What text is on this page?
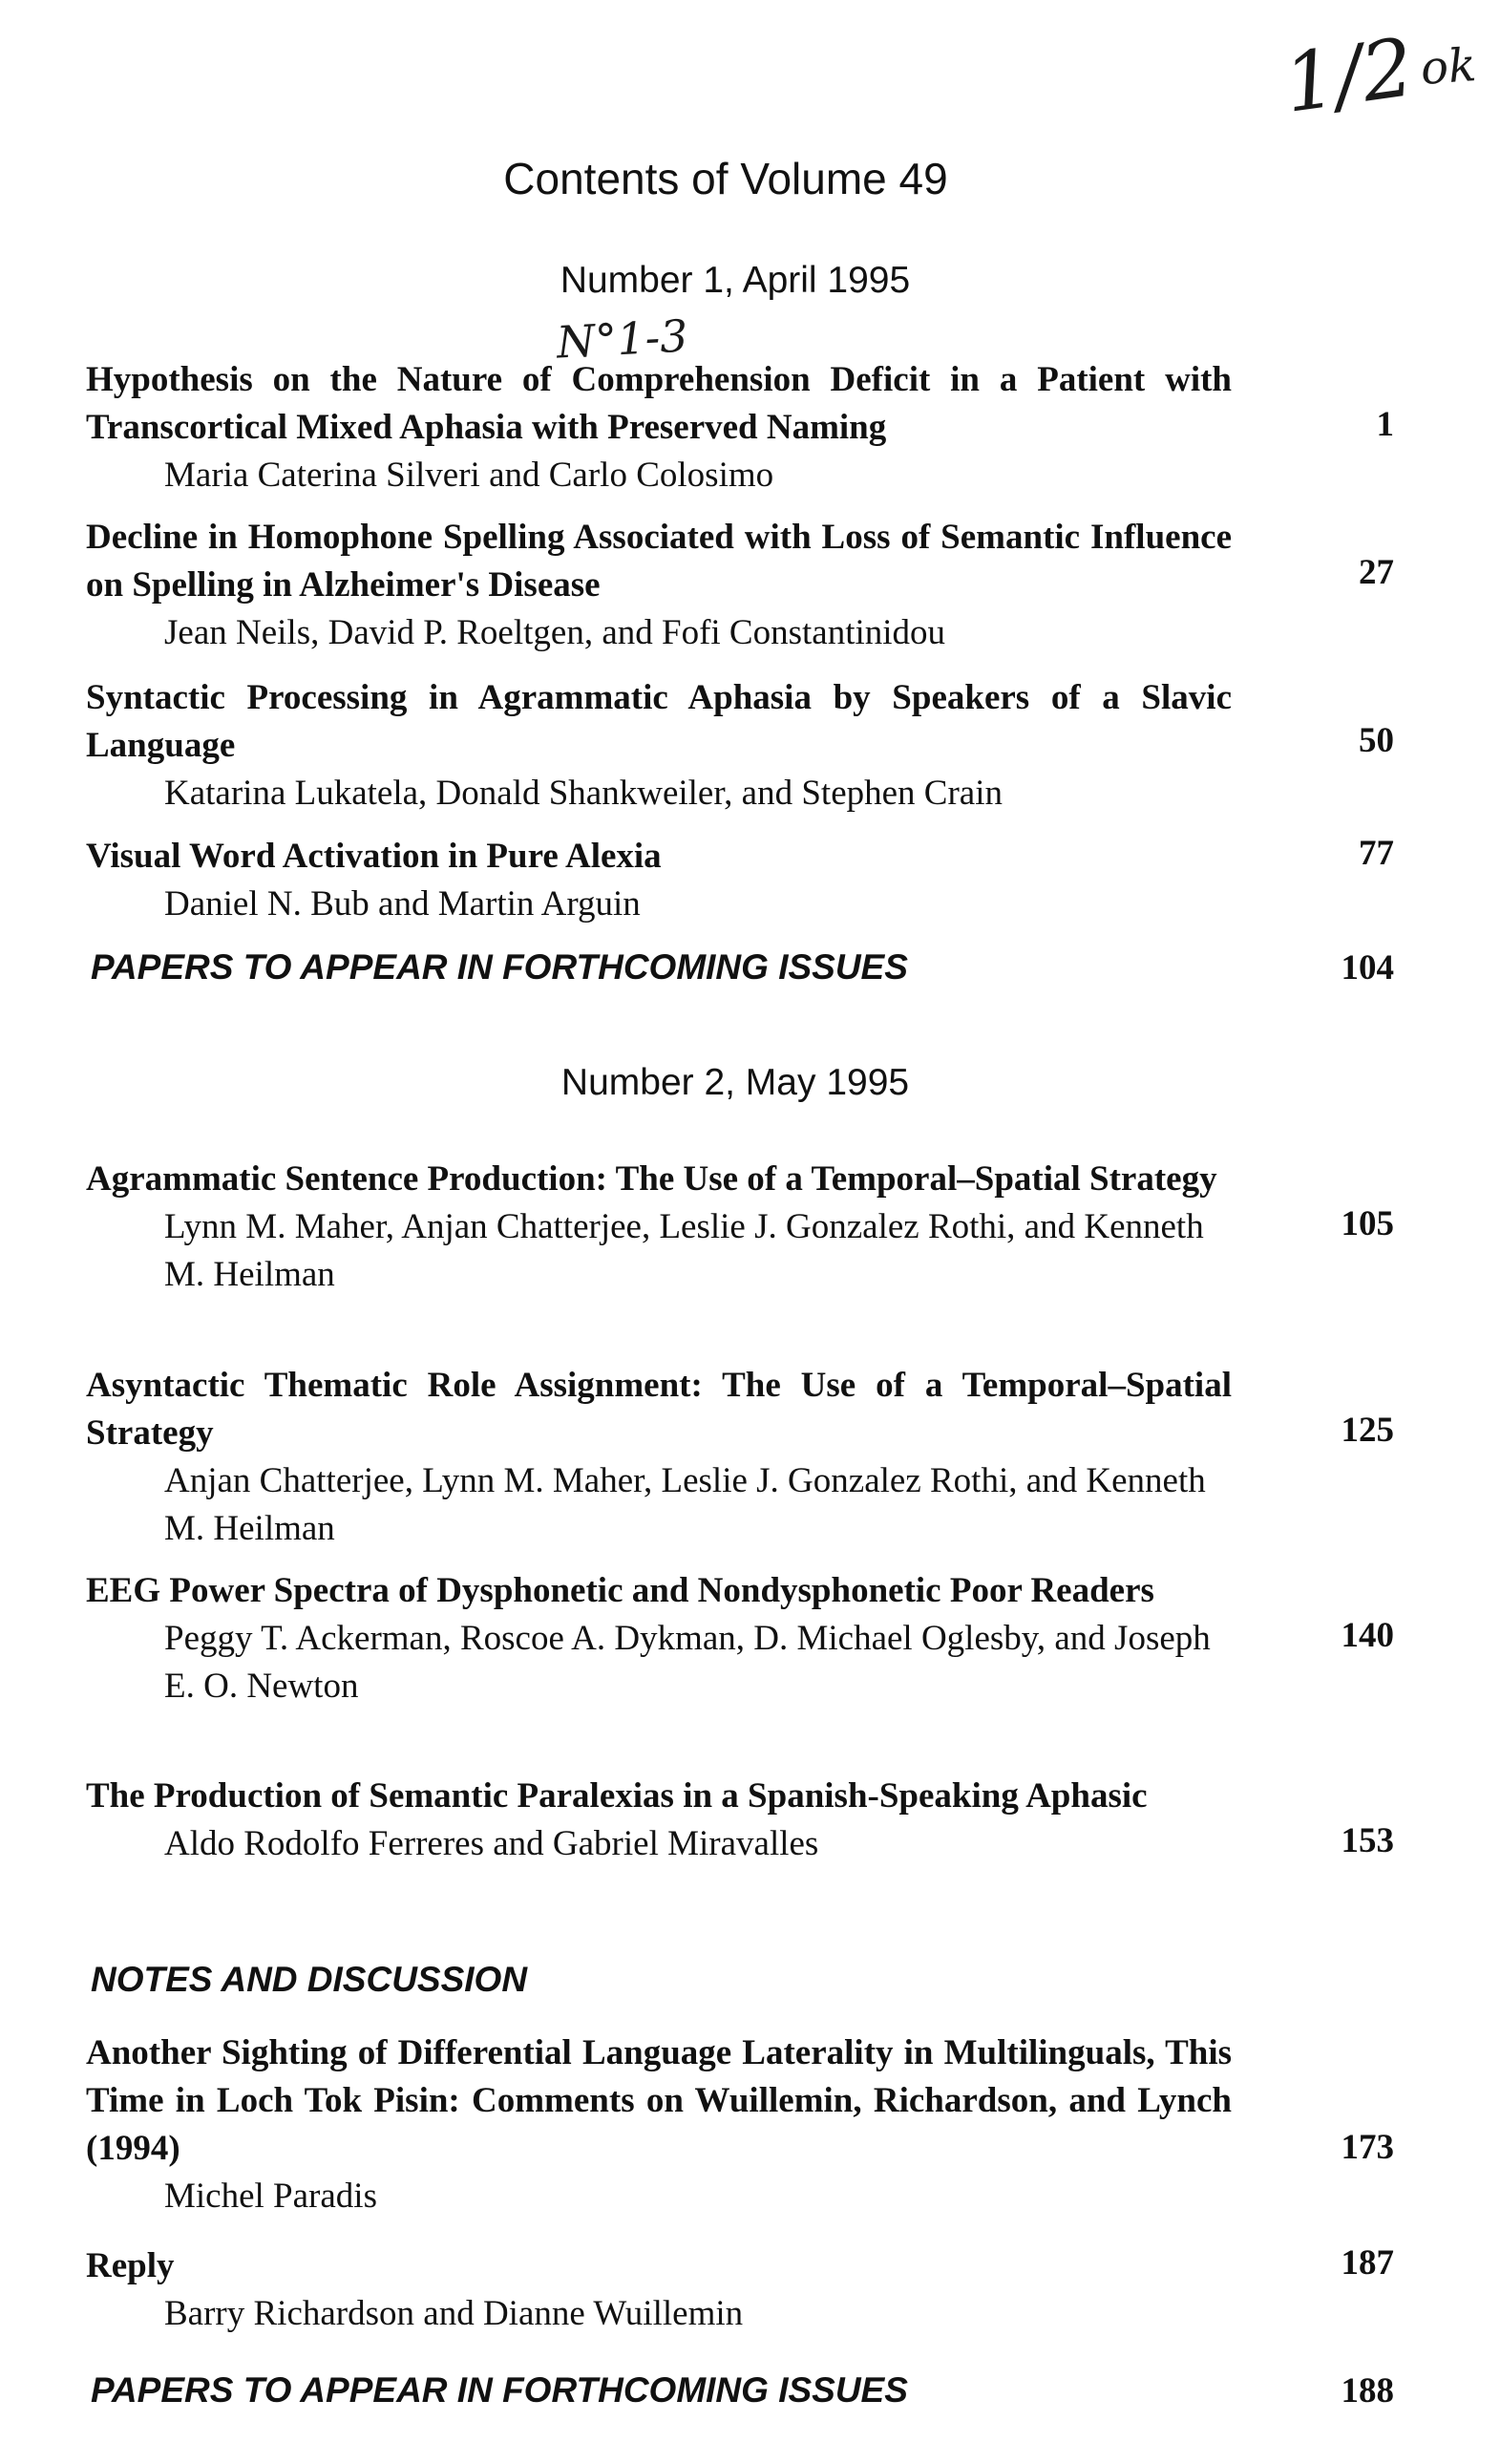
1/2 ok
Contents of Volume 49
Number 1, April 1995
N°1-3
Hypothesis on the Nature of Comprehension Deficit in a Patient with Transcortical Mixed Aphasia with Preserved Naming
Maria Caterina Silveri and Carlo Colosimo
1
Decline in Homophone Spelling Associated with Loss of Semantic Influence on Spelling in Alzheimer's Disease
Jean Neils, David P. Roeltgen, and Fofi Constantinidou
27
Syntactic Processing in Agrammatic Aphasia by Speakers of a Slavic Language
Katarina Lukatela, Donald Shankweiler, and Stephen Crain
50
Visual Word Activation in Pure Alexia
Daniel N. Bub and Martin Arguin
77
PAPERS TO APPEAR IN FORTHCOMING ISSUES	104
Number 2, May 1995
Agrammatic Sentence Production: The Use of a Temporal–Spatial Strategy
Lynn M. Maher, Anjan Chatterjee, Leslie J. Gonzalez Rothi, and Kenneth M. Heilman
105
Asyntactic Thematic Role Assignment: The Use of a Temporal–Spatial Strategy
Anjan Chatterjee, Lynn M. Maher, Leslie J. Gonzalez Rothi, and Kenneth M. Heilman
125
EEG Power Spectra of Dysphonetic and Nondysphonetic Poor Readers
Peggy T. Ackerman, Roscoe A. Dykman, D. Michael Oglesby, and Joseph E. O. Newton
140
The Production of Semantic Paralexias in a Spanish-Speaking Aphasic
Aldo Rodolfo Ferreres and Gabriel Miravalles	153
NOTES AND DISCUSSION
Another Sighting of Differential Language Laterality in Multilinguals, This Time in Loch Tok Pisin: Comments on Wuillemin, Richardson, and Lynch (1994)
Michel Paradis
173
Reply
Barry Richardson and Dianne Wuillemin
187
PAPERS TO APPEAR IN FORTHCOMING ISSUES	188
